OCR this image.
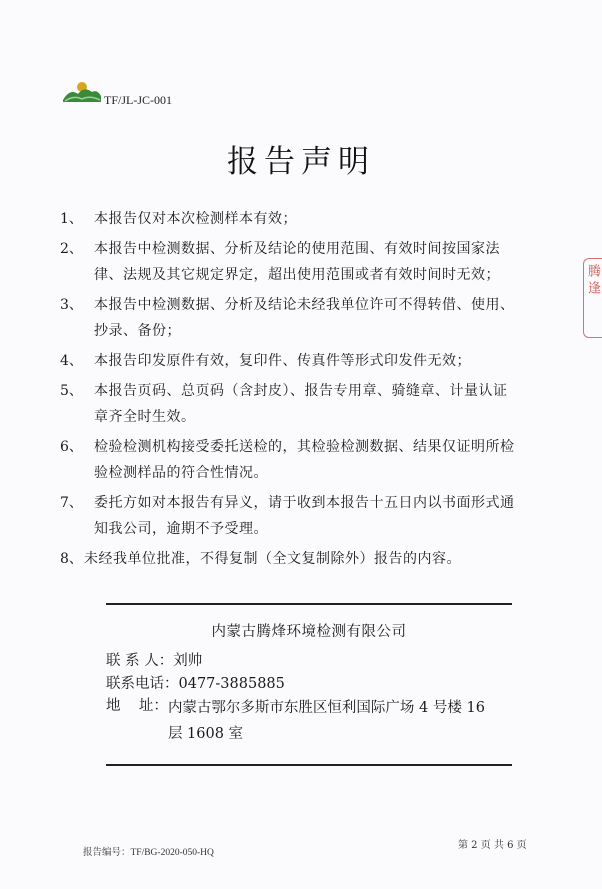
TF/JL-JC-001
报告声明
1、 本报告仅对本次检测样本有效；
2、 本报告中检测数据、分析及结论的使用范围、有效时间按国家法律、法规及其它规定界定，超出使用范围或者有效时间时无效；
3、 本报告中检测数据、分析及结论未经我单位许可不得转借、使用、抄录、备份；
4、 本报告印发原件有效，复印件、传真件等形式印发件无效；
5、 本报告页码、总页码（含封皮）、报告专用章、骑缝章、计量认证章齐全时生效。
6、 检验检测机构接受委托送检的，其检验检测数据、结果仅证明所检验检测样品的符合性情况。
7、 委托方如对本报告有异义，请于收到本报告十五日内以书面形式通知我公司，逾期不予受理。
8、 未经我单位批准，不得复制（全文复制除外）报告的内容。
内蒙古腾烽环境检测有限公司
联 系 人： 刘帅
联系电话： 0477-3885885
地    址： 内蒙古鄂尔多斯市东胜区恒利国际广场 4 号楼 16 层 1608 室
腾 逢
报告编号：TF/BG-2020-050-HQ
第 2 页 共 6 页
